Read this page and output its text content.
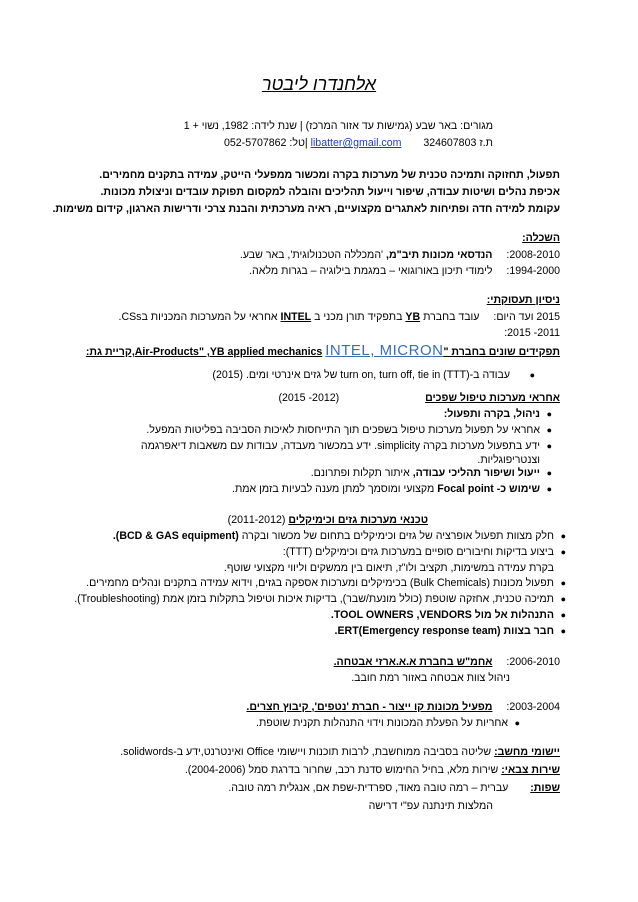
אלחנדרו ליבטר
מגורים: באר שבע (גמישות עד אזור המרכז) | שנת לידה: 1982, נשוי + 1
ת.ז 324607803  libatter@gmail.com |טל: 052-5707862
תפעול, תחזוקה ותמיכה טכנית של מערכות בקרה ומכשור ממפעלי הייטק, עמידה בתקנים מחמירים.
אכיפת נהלים ושיטות עבודה, שיפור וייעול תהליכים והובלה למקסום תפוקת עובדים וניצולת מכונות.
עקומת למידה חדה ופתיחות לאתגרים מקצועיים, ראיה מערכתית והבנת צרכי ודרישות הארגון, קידום משימות.
השכלה:
2008-2010:  הנדסאי מכונות תיב"מ, 'המכללה הטכנולוגית', באר שבע.
1994-2000:  לימודי תיכון באורוגואי – במגמת בילוגיה – בגרות מלאה.
ניסיון תעסוקתי:
2015 ועד היום:  עובד בחברת YB בתפקיד תורן מכני ב INTEL אחראי על המערכות המכניות בCSs.
2011- 2015:
תפקידים שונים בחברת "Air-Products" ,YB applied mechanics INTEL, MICRON,קריית גת:
●
עבודה ב-(TTT) turn on, turn off, tie in של גזים אינרטי ומים. (2015)
אחראי מערכות טיפול שפכים  (2012- 2015)
●
ניהול, בקרה ותפעול:
●
אחראי על תפעול מערכות טיפול בשפכים תוך התייחסות לאיכות הסביבה בפליטות המפעל.
●
ידע בתפעול מערכות בקרה simplicity. ידע במכשור מעבדה, עבודות עם משאבות דיאפרגמה
וצנטריפוגליות.
●
ייעול ושיפור תהליכי עבודה, איתור תקלות ופתרונם.
●
שימוש כ- Focal point מקצועי ומוסמך למתן מענה לבעיות בזמן אמת.
טכנאי מערכות גזים וכימיקלים (2011-2012)
●
חלק מצוות תפעול אופרציה של גזים וכימיקלים בתחום של מכשור ובקרה (BCD & GAS equipment).
●
ביצוע בדיקות וחיבורים סופיים במערכות גזים וכימיקלים (TTT):
בקרת עמידה במשימות, תקציב ולו"ז, תיאום בין ממשקים וליווי מקצועי שוטף.
●
תפעול מכונות (Bulk Chemicals) בכימיקלים ומערכות אספקה בגזים, וידוא עמידה בתקנים ונהלים מחמירים.
●
תמיכה טכנית, אחזקה שוטפת (כולל מונעת/שבר), בדיקות איכות וטיפול בתקלות בזמן אמת (Troubleshooting).
●
התנהלות אל מול TOOL OWNERS ,VENDORS.
●
חבר בצוות ERT(Emergency response team).
2006-2010:  אחמ"ש בחברת א.א.ארזי אבטחה.
ניהול צוות אבטחה באזור רמת חובב.
2003-2004:  מפעיל מכונות קו ייצור - חברת 'נטפים', קיבוץ חצרים.
●
אחריות על הפעלת המכונות וידוי התנהלות תקנית שוטפת.
יישומי מחשב: שליטה בסביבה ממוחשבת, לרבות תוכנות ויישומי Office ואינטרנט,ידע ב-solidwords.
שירות צבאי: שירות מלא, בחיל החימוש סדנת רכב, שחרור בדרגת סמל (2004-2006).
שפות:  עברית – רמה טובה מאוד, ספרדית-שפת אם, אנגלית רמה טובה.
המלצות תינתנה עפ"י דרישה
